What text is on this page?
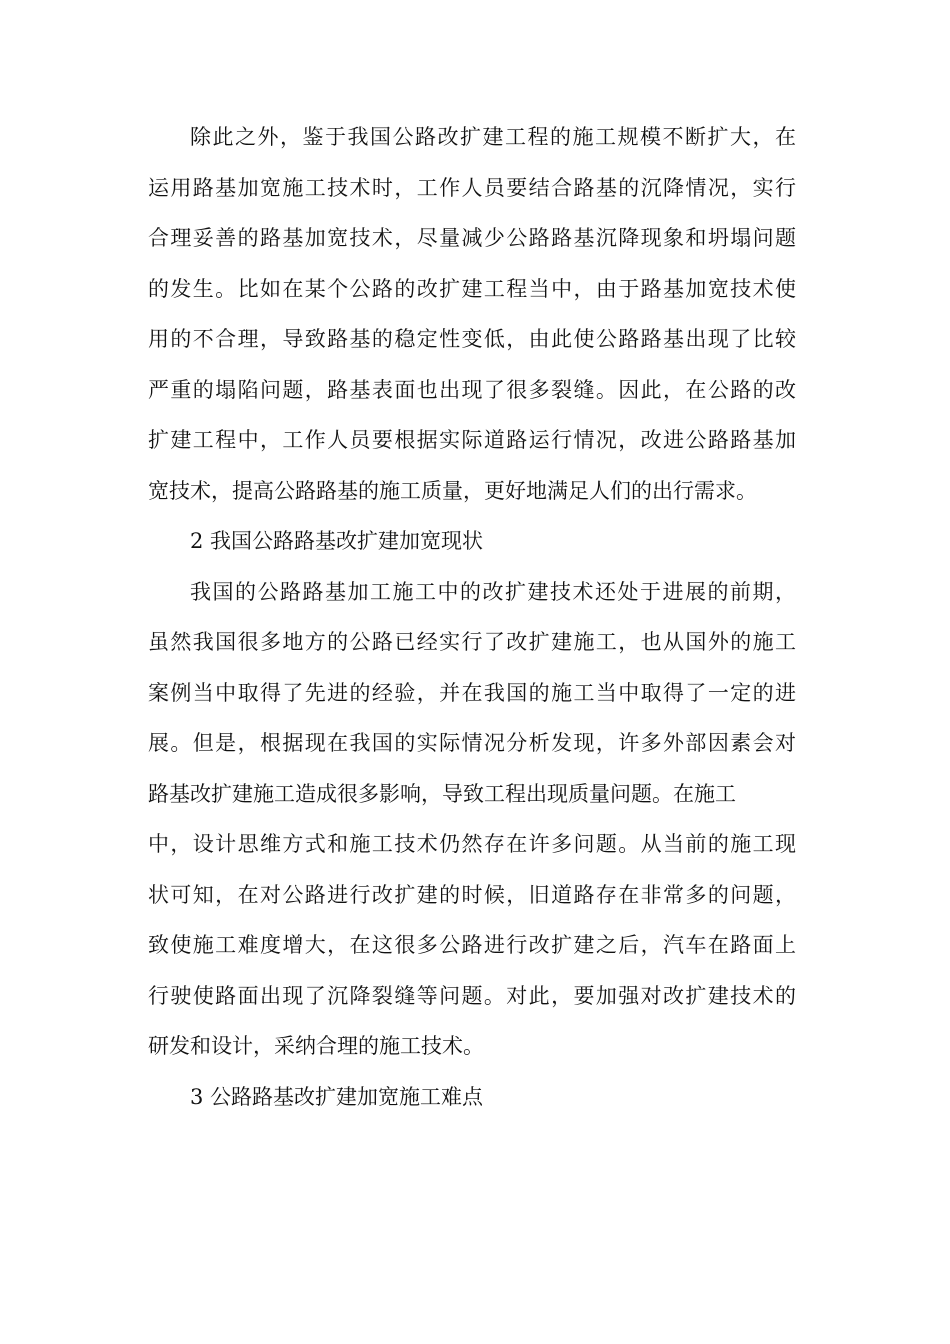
除此之外，鉴于我国公路改扩建工程的施工规模不断扩大，在
运用路基加宽施工技术时，工作人员要结合路基的沉降情况，实行
合理妥善的路基加宽技术，尽量减少公路路基沉降现象和坍塌问题
的发生。比如在某个公路的改扩建工程当中，由于路基加宽技术使
用的不合理，导致路基的稳定性变低，由此使公路路基出现了比较
严重的塌陷问题，路基表面也出现了很多裂缝。因此，在公路的改
扩建工程中，工作人员要根据实际道路运行情况，改进公路路基加
宽技术，提高公路路基的施工质量，更好地满足人们的出行需求。
2 我国公路路基改扩建加宽现状
我国的公路路基加工施工中的改扩建技术还处于进展的前期，
虽然我国很多地方的公路已经实行了改扩建施工，也从国外的施工
案例当中取得了先进的经验，并在我国的施工当中取得了一定的进
展。但是，根据现在我国的实际情况分析发现，许多外部因素会对
路基改扩建施工造成很多影响，导致工程出现质量问题。在施工
中，设计思维方式和施工技术仍然存在许多问题。从当前的施工现
状可知，在对公路进行改扩建的时候，旧道路存在非常多的问题，
致使施工难度增大，在这很多公路进行改扩建之后，汽车在路面上
行驶使路面出现了沉降裂缝等问题。对此，要加强对改扩建技术的
研发和设计，采纳合理的施工技术。
3 公路路基改扩建加宽施工难点
